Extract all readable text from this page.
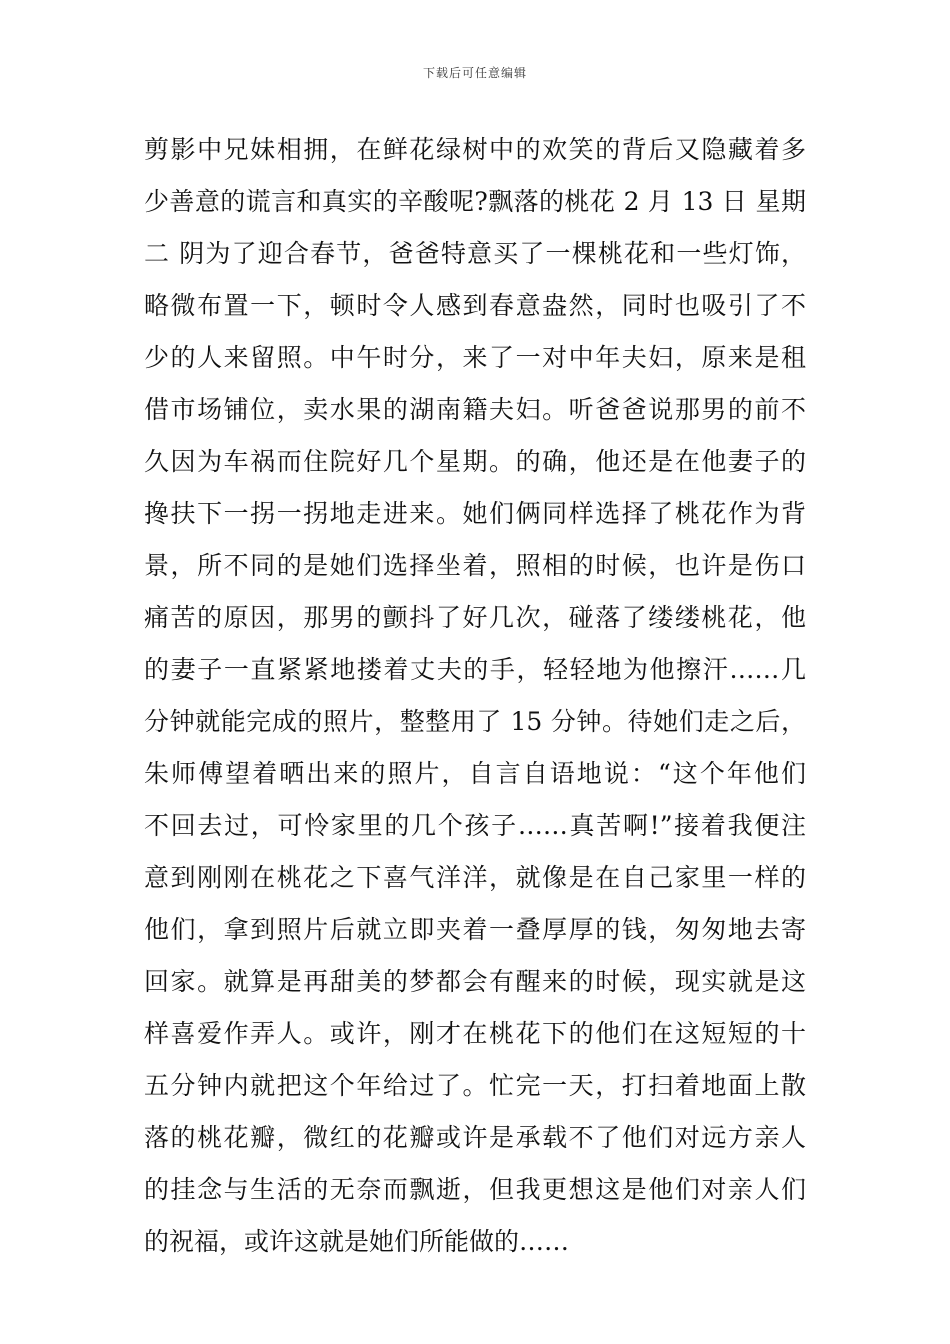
下载后可任意编辑
剪影中兄妹相拥，在鲜花绿树中的欢笑的背后又隐藏着多
少善意的谎言和真实的辛酸呢?飘落的桃花 2 月 13 日 星期
二 阴为了迎合春节，爸爸特意买了一棵桃花和一些灯饰，
略微布置一下，顿时令人感到春意盎然，同时也吸引了不
少的人来留照。中午时分，来了一对中年夫妇，原来是租
借市场铺位，卖水果的湖南籍夫妇。听爸爸说那男的前不
久因为车祸而住院好几个星期。的确，他还是在他妻子的
搀扶下一拐一拐地走进来。她们俩同样选择了桃花作为背
景，所不同的是她们选择坐着，照相的时候，也许是伤口
痛苦的原因，那男的颤抖了好几次，碰落了缕缕桃花，他
的妻子一直紧紧地搂着丈夫的手，轻轻地为他擦汗……几
分钟就能完成的照片，整整用了 15 分钟。待她们走之后，
朱师傅望着晒出来的照片，自言自语地说：“这个年他们
不回去过，可怜家里的几个孩子……真苦啊!”接着我便注
意到刚刚在桃花之下喜气洋洋，就像是在自己家里一样的
他们，拿到照片后就立即夹着一叠厚厚的钱，匆匆地去寄
回家。就算是再甜美的梦都会有醒来的时候，现实就是这
样喜爱作弄人。或许，刚才在桃花下的他们在这短短的十
五分钟内就把这个年给过了。忙完一天，打扫着地面上散
落的桃花瓣，微红的花瓣或许是承载不了他们对远方亲人
的挂念与生活的无奈而飘逝，但我更想这是他们对亲人们
的祝福，或许这就是她们所能做的……
